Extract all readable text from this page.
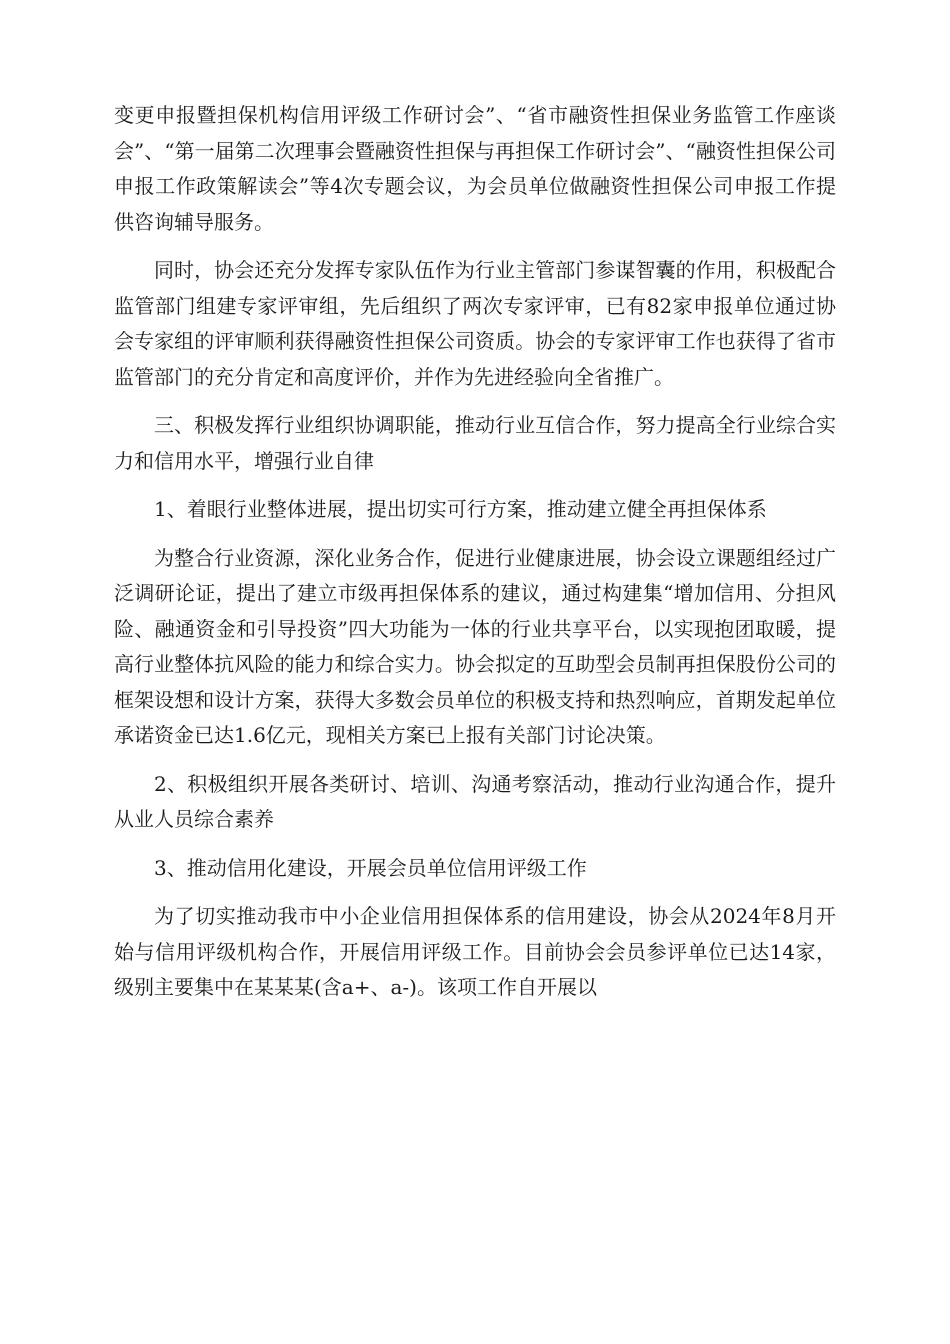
变更申报暨担保机构信用评级工作研讨会”、“省市融资性担保业务监管工作座谈会”、“第一届第二次理事会暨融资性担保与再担保工作研讨会”、“融资性担保公司申报工作政策解读会”等4次专题会议，为会员单位做融资性担保公司申报工作提供咨询辅导服务。

同时，协会还充分发挥专家队伍作为行业主管部门参谋智囊的作用，积极配合监管部门组建专家评审组，先后组织了两次专家评审，已有82家申报单位通过协会专家组的评审顺利获得融资性担保公司资质。协会的专家评审工作也获得了省市监管部门的充分肯定和高度评价，并作为先进经验向全省推广。

三、积极发挥行业组织协调职能，推动行业互信合作，努力提高全行业综合实力和信用水平，增强行业自律

1、着眼行业整体进展，提出切实可行方案，推动建立健全再担保体系

为整合行业资源，深化业务合作，促进行业健康进展，协会设立课题组经过广泛调研论证，提出了建立市级再担保体系的建议，通过构建集“增加信用、分担风险、融通资金和引导投资”四大功能为一体的行业共享平台，以实现抱团取暖，提高行业整体抗风险的能力和综合实力。协会拟定的互助型会员制再担保股份公司的框架设想和设计方案，获得大多数会员单位的积极支持和热烈响应，首期发起单位承诺资金已达1.6亿元，现相关方案已上报有关部门讨论决策。

2、积极组织开展各类研讨、培训、沟通考察活动，推动行业沟通合作，提升从业人员综合素养

3、推动信用化建设，开展会员单位信用评级工作

为了切实推动我市中小企业信用担保体系的信用建设，协会从2024年8月开始与信用评级机构合作，开展信用评级工作。目前协会会员参评单位已达14家，级别主要集中在某某某(含a+、a-)。该项工作自开展以
